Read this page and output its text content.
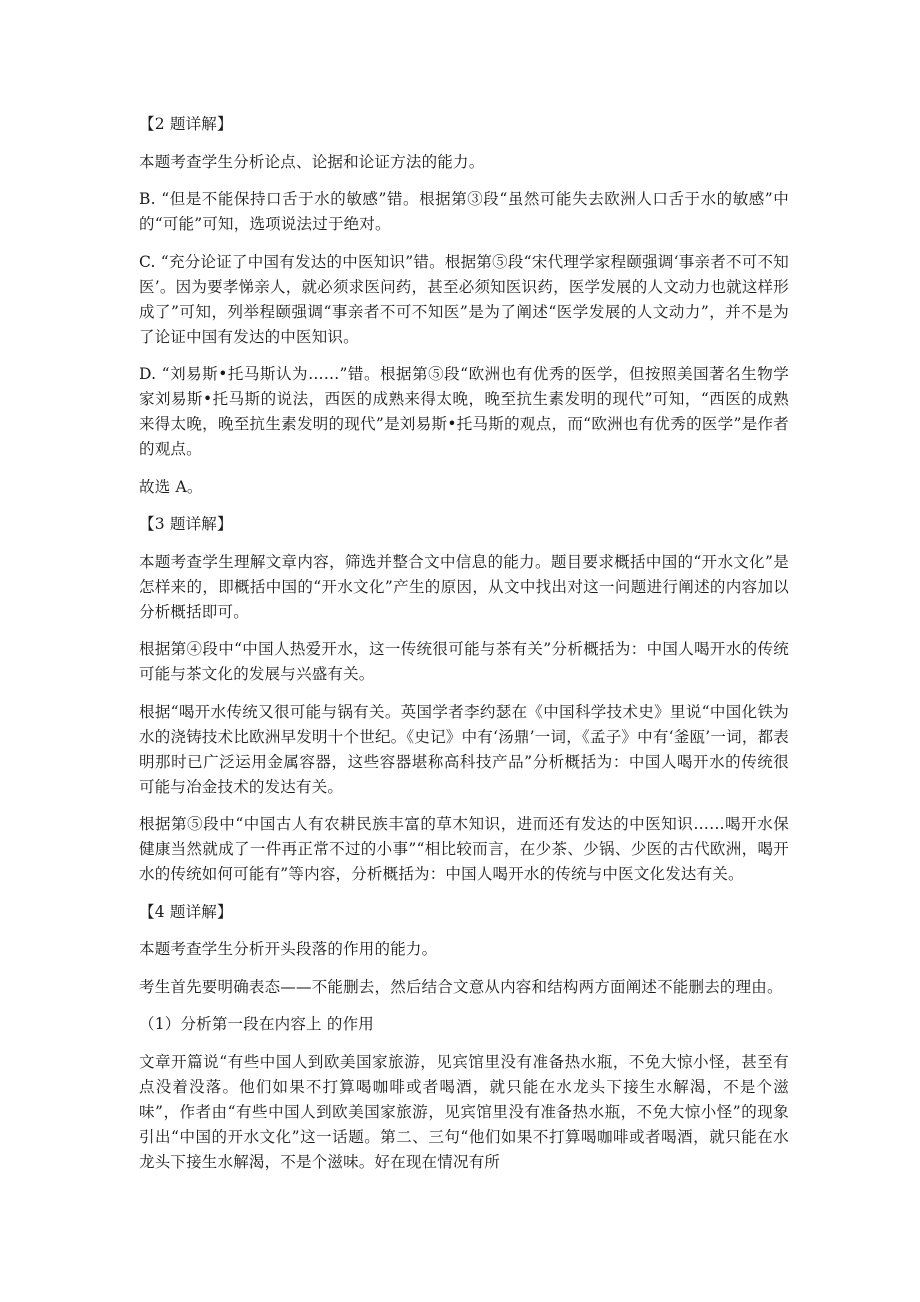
【2 题详解】

本题考查学生分析论点、论据和论证方法的能力。

B. “但是不能保持口舌于水的敏感”错。根据第③段“虽然可能失去欧洲人口舌于水的敏感”中的“可能”可知，选项说法过于绝对。

C. “充分论证了中国有发达的中医知识”错。根据第⑤段“宋代理学家程颐强调‘事亲者不可不知医’。因为要孝悌亲人，就必须求医问药，甚至必须知医识药，医学发展的人文动力也就这样形成了”可知，列举程颐强调“事亲者不可不知医”是为了阐述“医学发展的人文动力”，并不是为了论证中国有发达的中医知识。

D. “刘易斯•托马斯认为……”错。根据第⑤段“欧洲也有优秀的医学，但按照美国著名生物学家刘易斯•托马斯的说法，西医的成熟来得太晚，晚至抗生素发明的现代”可知，“西医的成熟来得太晚，晚至抗生素发明的现代”是刘易斯•托马斯的观点，而“欧洲也有优秀的医学”是作者的观点。

故选 A。

【3 题详解】

本题考查学生理解文章内容，筛选并整合文中信息的能力。题目要求概括中国的“开水文化”是怎样来的，即概括中国的“开水文化”产生的原因，从文中找出对这一问题进行阐述的内容加以分析概括即可。

根据第④段中“中国人热爱开水，这一传统很可能与茶有关”分析概括为：中国人喝开水的传统可能与茶文化的发展与兴盛有关。

根据“喝开水传统又很可能与锅有关。英国学者李约瑟在《中国科学技术史》里说“中国化铁为水的浇铸技术比欧洲早发明十个世纪。《史记》中有‘汤鼎’一词，《孟子》中有‘釜瓯’一词，都表明那时已广泛运用金属容器，这些容器堪称高科技产品”分析概括为：中国人喝开水的传统很可能与冶金技术的发达有关。

根据第⑤段中“中国古人有农耕民族丰富的草木知识，进而还有发达的中医知识……喝开水保健康当然就成了一件再正常不过的小事”“相比较而言，在少茶、少锅、少医的古代欧洲，喝开水的传统如何可能有”等内容，分析概括为：中国人喝开水的传统与中医文化发达有关。

【4 题详解】

本题考查学生分析开头段落的作用的能力。

考生首先要明确表态——不能删去，然后结合文意从内容和结构两方面阐述不能删去的理由。

（1）分析第一段在内容上 的作用

文章开篇说“有些中国人到欧美国家旅游，见宾馆里没有准备热水瓶，不免大惊小怪，甚至有点没着没落。他们如果不打算喝咖啡或者喝酒，就只能在水龙头下接生水解渴，不是个滋味”，作者由“有些中国人到欧美国家旅游，见宾馆里没有准备热水瓶，不免大惊小怪”的现象引出“中国的开水文化”这一话题。第二、三句“他们如果不打算喝咖啡或者喝酒，就只能在水龙头下接生水解渴，不是个滋味。好在现在情况有所
